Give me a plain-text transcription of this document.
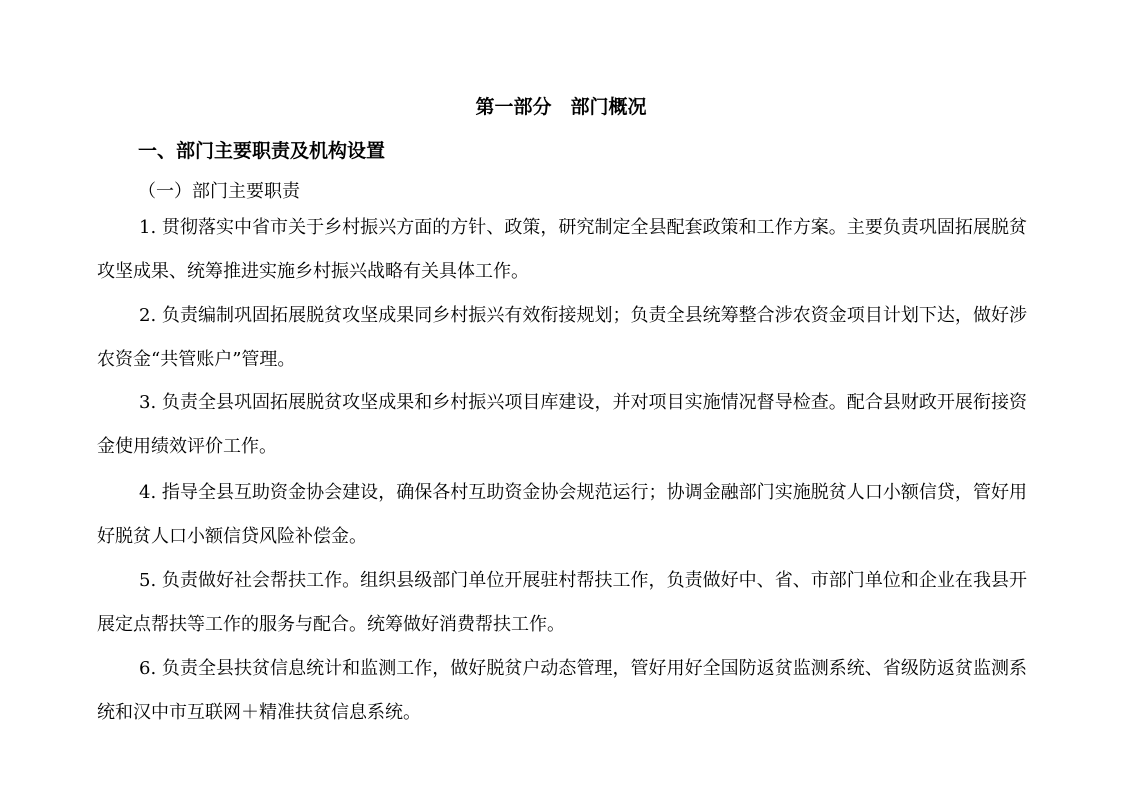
第一部分　部门概况
一、部门主要职责及机构设置
（一）部门主要职责

1. 贯彻落实中省市关于乡村振兴方面的方针、政策，研究制定全县配套政策和工作方案。主要负责巩固拓展脱贫攻坚成果、统筹推进实施乡村振兴战略有关具体工作。

2. 负责编制巩固拓展脱贫攻坚成果同乡村振兴有效衔接规划；负责全县统筹整合涉农资金项目计划下达，做好涉农资金“共管账户”管理。

3. 负责全县巩固拓展脱贫攻坚成果和乡村振兴项目库建设，并对项目实施情况督导检查。配合县财政开展衔接资金使用绩效评价工作。

4. 指导全县互助资金协会建设，确保各村互助资金协会规范运行；协调金融部门实施脱贫人口小额信贷，管好用好脱贫人口小额信贷风险补偿金。

5. 负责做好社会帮扶工作。组织县级部门单位开展驻村帮扶工作，负责做好中、省、市部门单位和企业在我县开展定点帮扶等工作的服务与配合。统筹做好消费帮扶工作。

6. 负责全县扶贫信息统计和监测工作，做好脱贫户动态管理，管好用好全国防返贫监测系统、省级防返贫监测系统和汉中市互联网＋精准扶贫信息系统。
